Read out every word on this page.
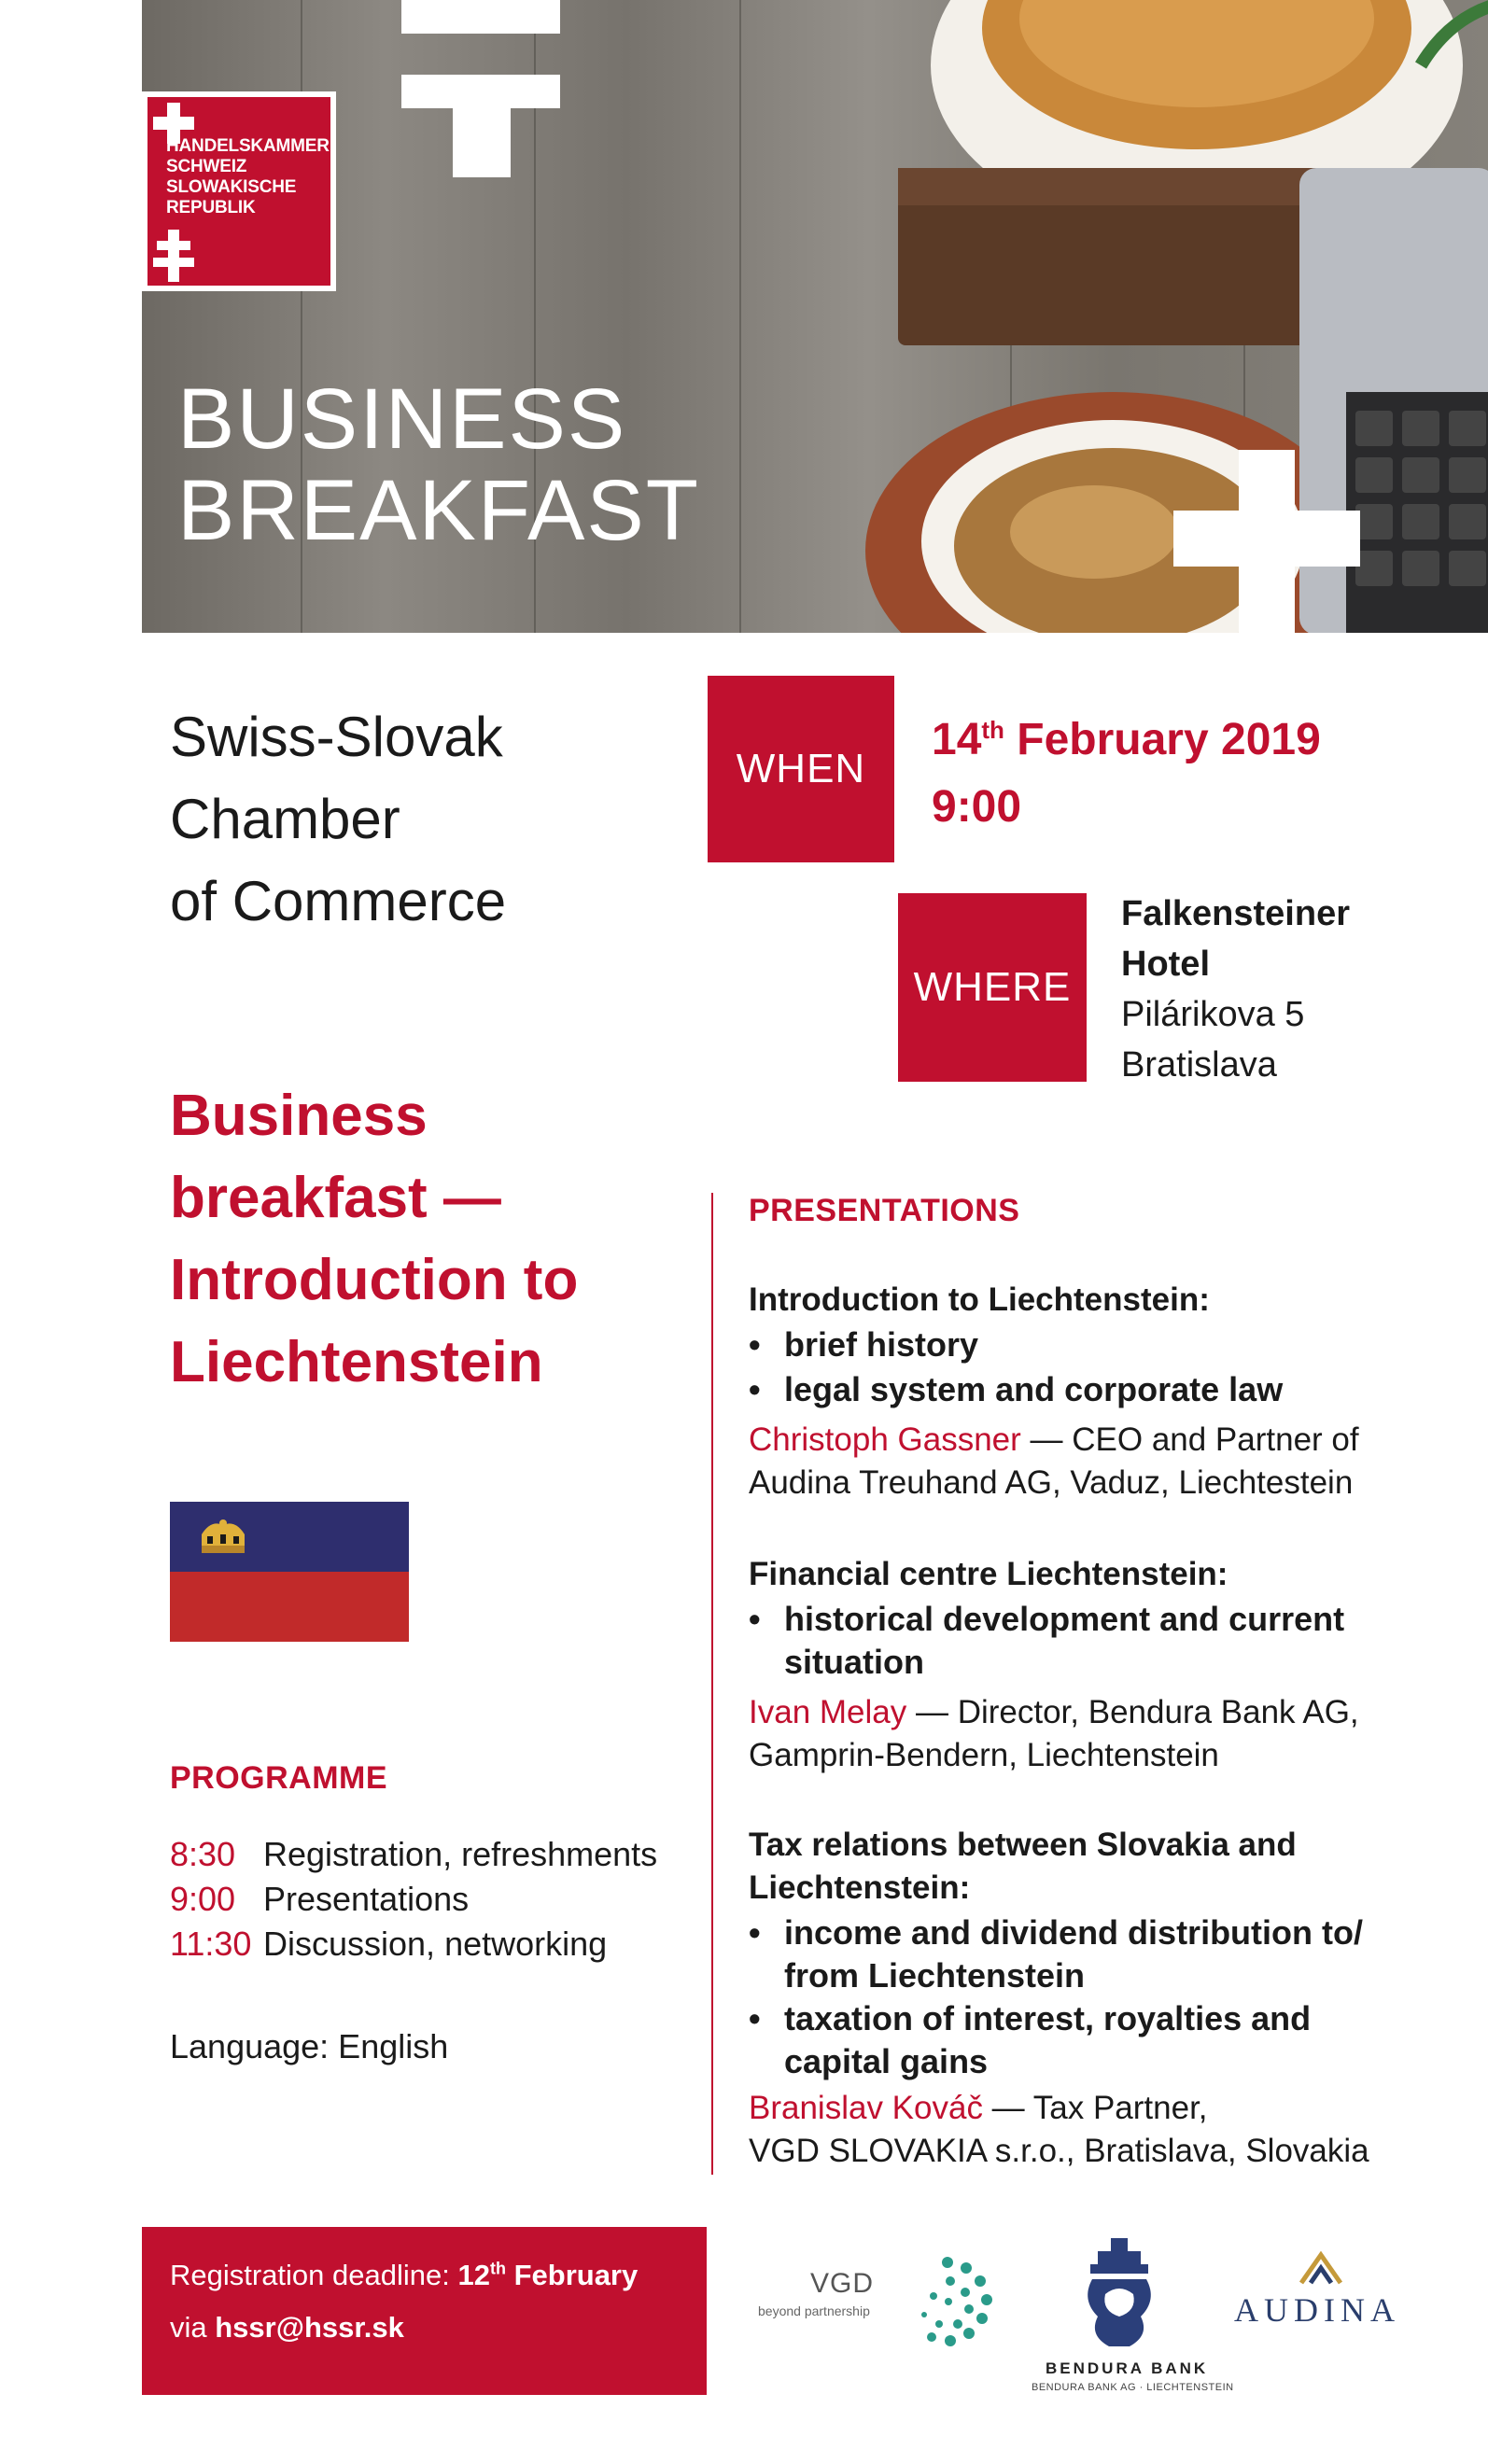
BUSINESS
BREAKFAST
HANDELSKAMMER
SCHWEIZ
SLOWAKISCHE
REPUBLIK
Swiss-Slovak
Chamber
of Commerce
Business
breakfast —
Introduction to
Liechtenstein
PROGRAMME
8:30 Registration, refreshments
9:00 Presentations
11:30 Discussion, networking
Language: English
WHEN
14th February 2019
9:00
WHERE
Falkensteiner
Hotel
Pilárikova 5
Bratislava
PRESENTATIONS
Introduction to Liechtenstein:
• brief history
• legal system and corporate law
Christoph Gassner — CEO and Partner of
Audina Treuhand AG, Vaduz, Liechtestein
Financial centre Liechtenstein:
• historical development and current
situation
Ivan Melay — Director, Bendura Bank AG,
Gamprin-Bendern, Liechtenstein
Tax relations between Slovakia and Liechtenstein:
• income and dividend distribution to/
from Liechtenstein
• taxation of interest, royalties and
capital gains
Branislav Kováč — Tax Partner,
VGD SLOVAKIA s.r.o., Bratislava, Slovakia
Registration deadline: 12th February
via hssr@hssr.sk
VGD
beyond partnership
BENDURA BANK
BENDURA BANK AG · LIECHTENSTEIN
AUDINA
